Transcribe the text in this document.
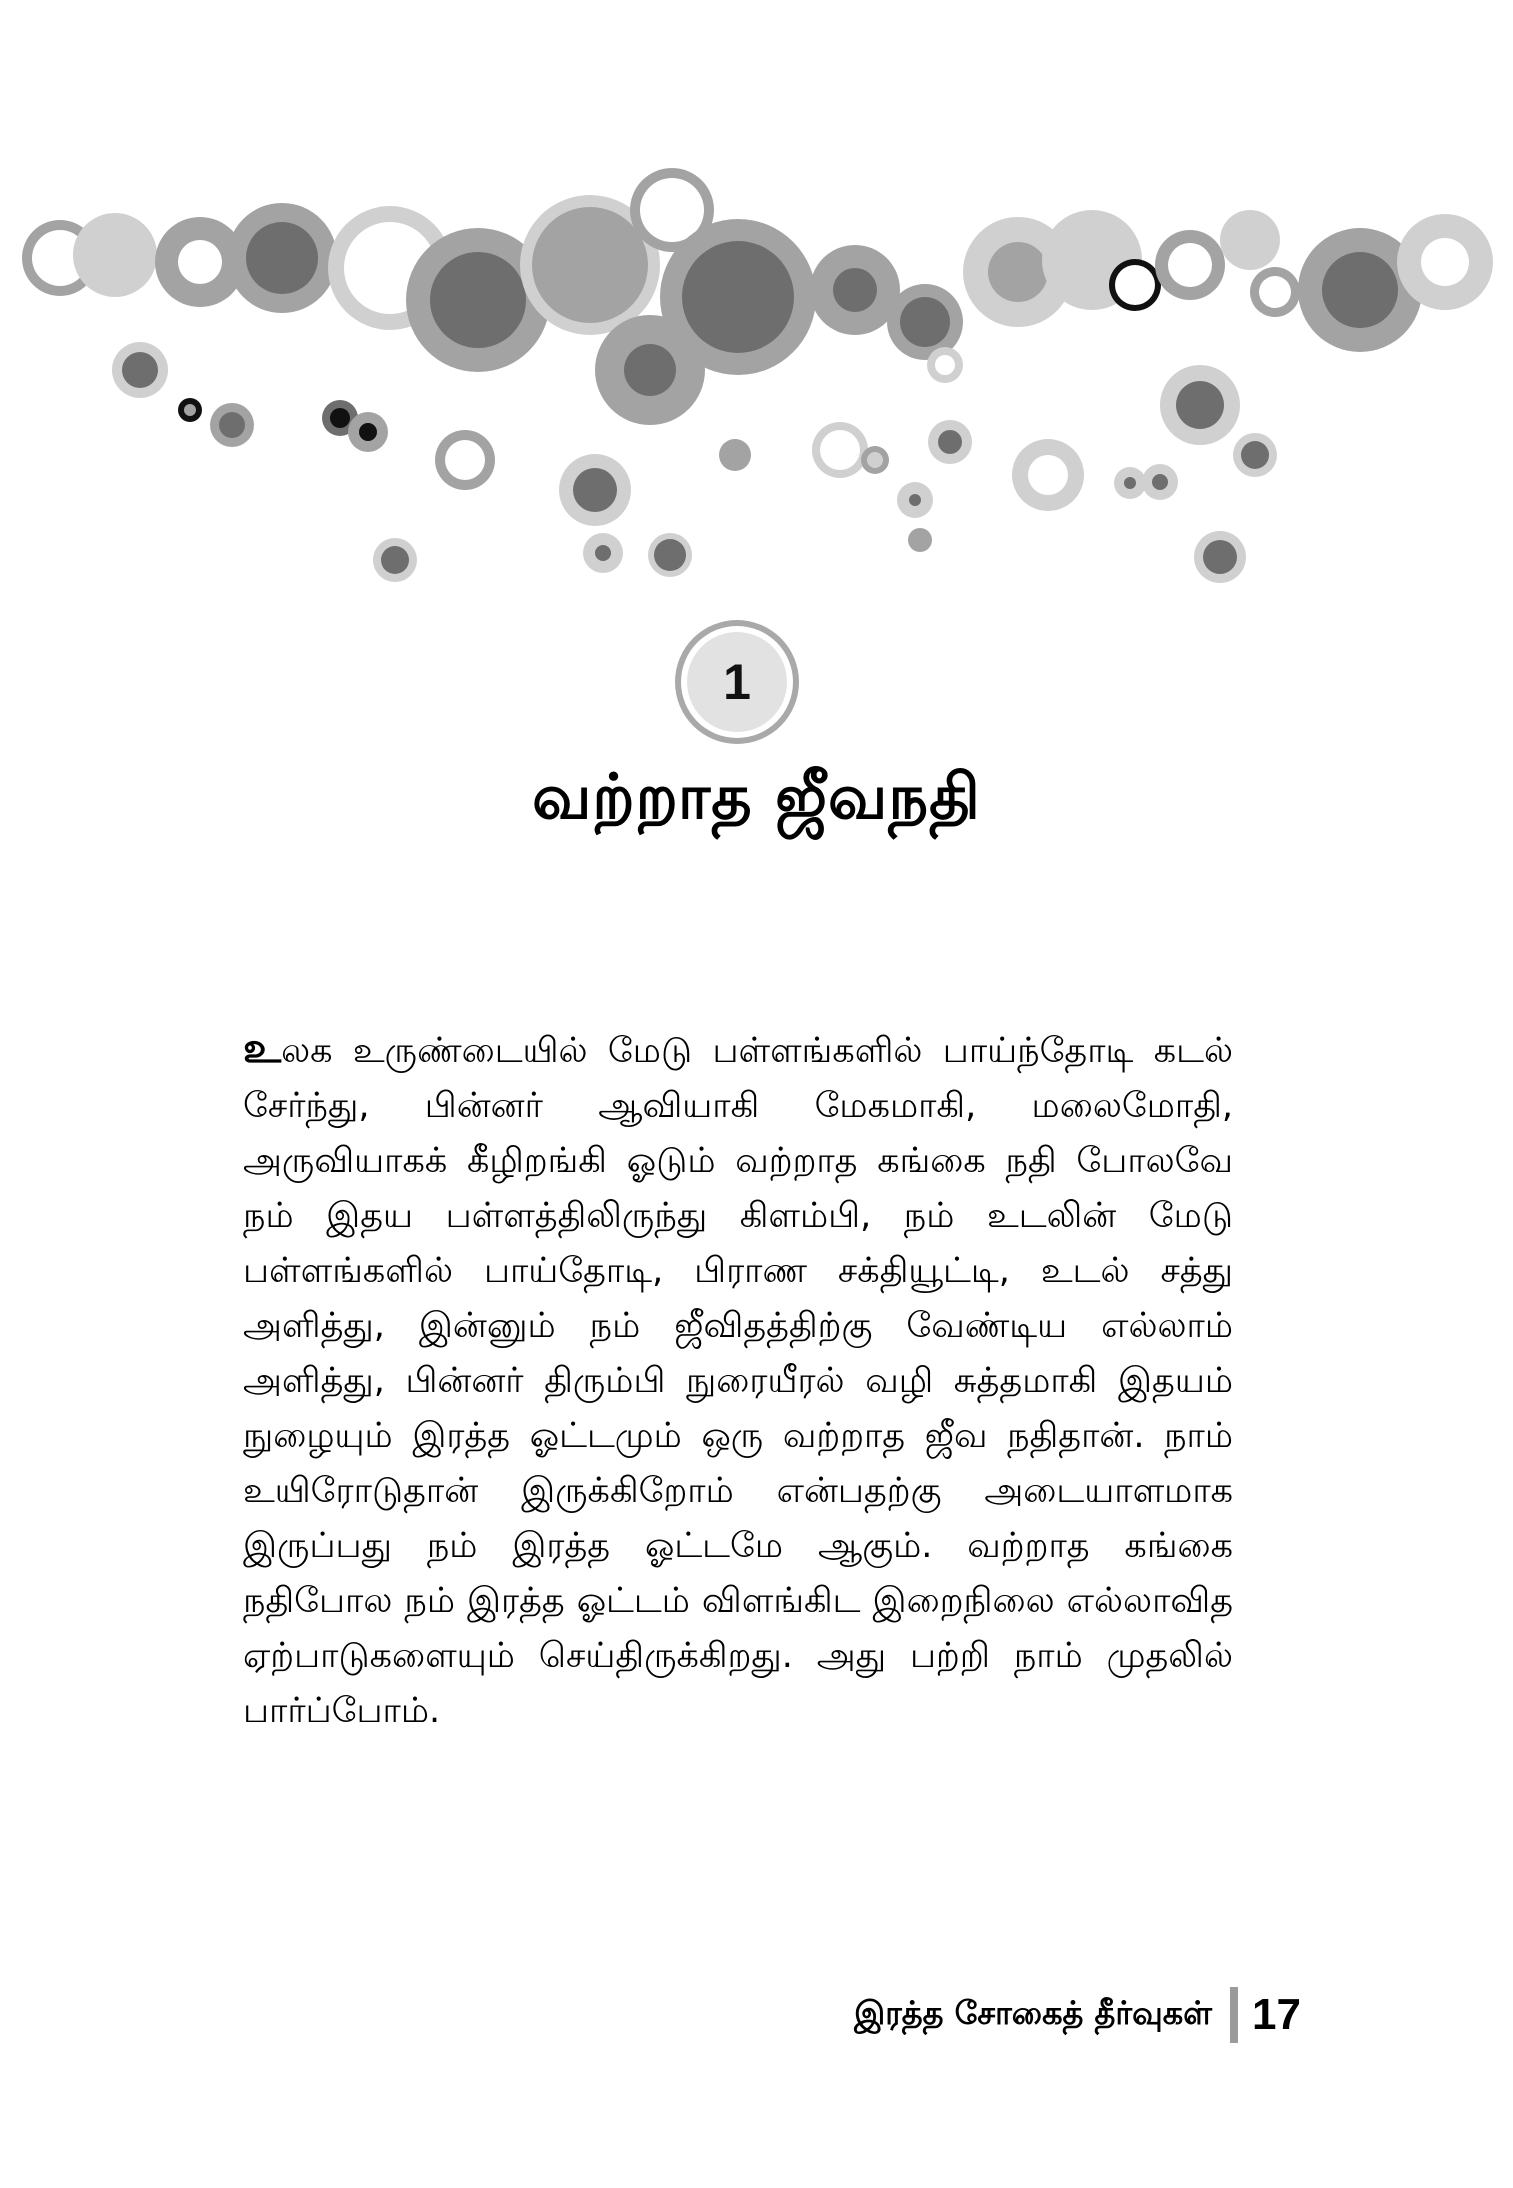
1
வற்றாத ஜீவநதி
உலக உருண்டையில் மேடு பள்ளங்களில் பாய்ந்தோடி கடல் சேர்ந்து, பின்னர் ஆவியாகி மேகமாகி, மலைமோதி, அருவியாகக் கீழிறங்கி ஓடும் வற்றாத கங்கை நதி போலவே நம் இதய பள்ளத்திலிருந்து கிளம்பி, நம் உடலின் மேடு பள்ளங்களில் பாய்தோடி, பிராண சக்தியூட்டி, உடல் சத்து அளித்து, இன்னும் நம் ஜீவிதத்திற்கு வேண்டிய எல்லாம் அளித்து, பின்னர் திரும்பி நுரையீரல் வழி சுத்தமாகி இதயம் நுழையும் இரத்த ஓட்டமும் ஒரு வற்றாத ஜீவ நதிதான். நாம் உயிரோடுதான் இருக்கிறோம் என்பதற்கு அடையாளமாக இருப்பது நம் இரத்த ஓட்டமே ஆகும். வற்றாத கங்கை நதிபோல நம் இரத்த ஓட்டம் விளங்கிட இறைநிலை எல்லாவித ஏற்பாடுகளையும் செய்திருக்கிறது. அது பற்றி நாம் முதலில் பார்ப்போம்.
இரத்த சோகைத் தீர்வுகள் 17
